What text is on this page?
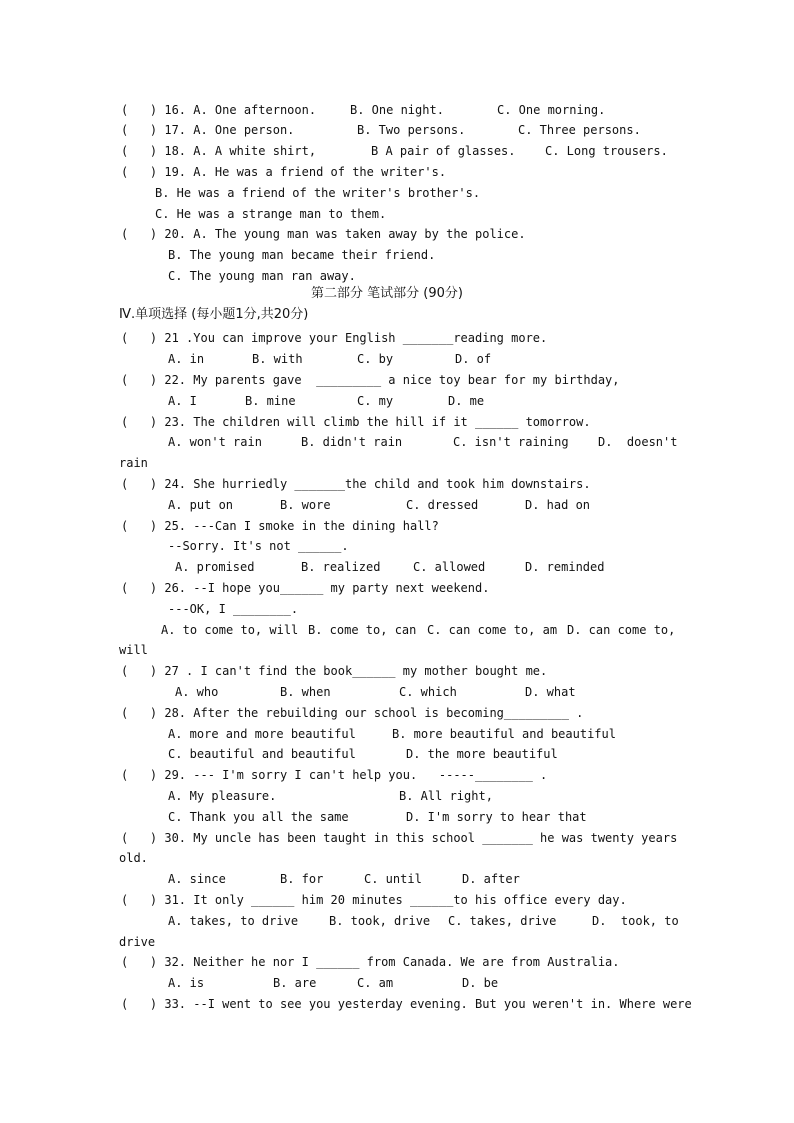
(   ) 16. A. One afternoon.	B. One night.	C. One morning.
(   ) 17. A. One person.	B. Two persons.	C. Three persons.
(   ) 18. A. A white shirt,	B A pair of glasses. C. Long trousers.
(   ) 19. A. He was a friend of the writer's.
B. He was a friend of the writer's brother's.
C. He was a strange man to them.
(   ) 20. A. The young man was taken away by the police.
B. The young man became their friend.
C. The young man ran away.
第二部分 笔试部分 (90分)
Ⅳ.单项选择 (每小题1分,共20分)
(   ) 21 .You can improve your English _______reading more.
A. in	B. with	C. by	D. of
(   ) 22. My parents gave  _________ a nice toy bear for my birthday,
A. I	B. mine	C. my	D. me
(   ) 23. The children will climb the hill if it ______ tomorrow.
A. won't rain	B. didn't rain	C. isn't raining D.  doesn't
rain
(   ) 24. She hurriedly _______the child and took him downstairs.
A. put on	B. wore	C. dressed	D. had on
(   ) 25. ---Can I smoke in the dining hall?
--Sorry. It's not ______.
A. promised	B. realized	C. allowed	D. reminded
(   ) 26. --I hope you______ my party next weekend.
---OK, I ________.
A. to come to, will B. come to, can C. can come to, am D. can come to,
will
(   ) 27 . I can't find the book______ my mother bought me.
A. who	B. when	C. which	D. what
(   ) 28. After the rebuilding our school is becoming_________ .
A. more and more beautiful	B. more beautiful and beautiful
C. beautiful and beautiful	D. the more beautiful
(   ) 29. --- I'm sorry I can't help you.   -----________ .
A. My pleasure.	B. All right,
C. Thank you all the same	D. I'm sorry to hear that
(   ) 30. My uncle has been taught in this school _______ he was twenty years
old.
A. since	B. for	C. until	D. after
(   ) 31. It only ______ him 20 minutes ______to his office every day.
A. takes, to drive	B. took, drive C. takes, drive	D.  took, to
drive
(   ) 32. Neither he nor I ______ from Canada. We are from Australia.
A. is	B. are	C. am	D. be
(   ) 33. --I went to see you yesterday evening. But you weren't in. Where were
